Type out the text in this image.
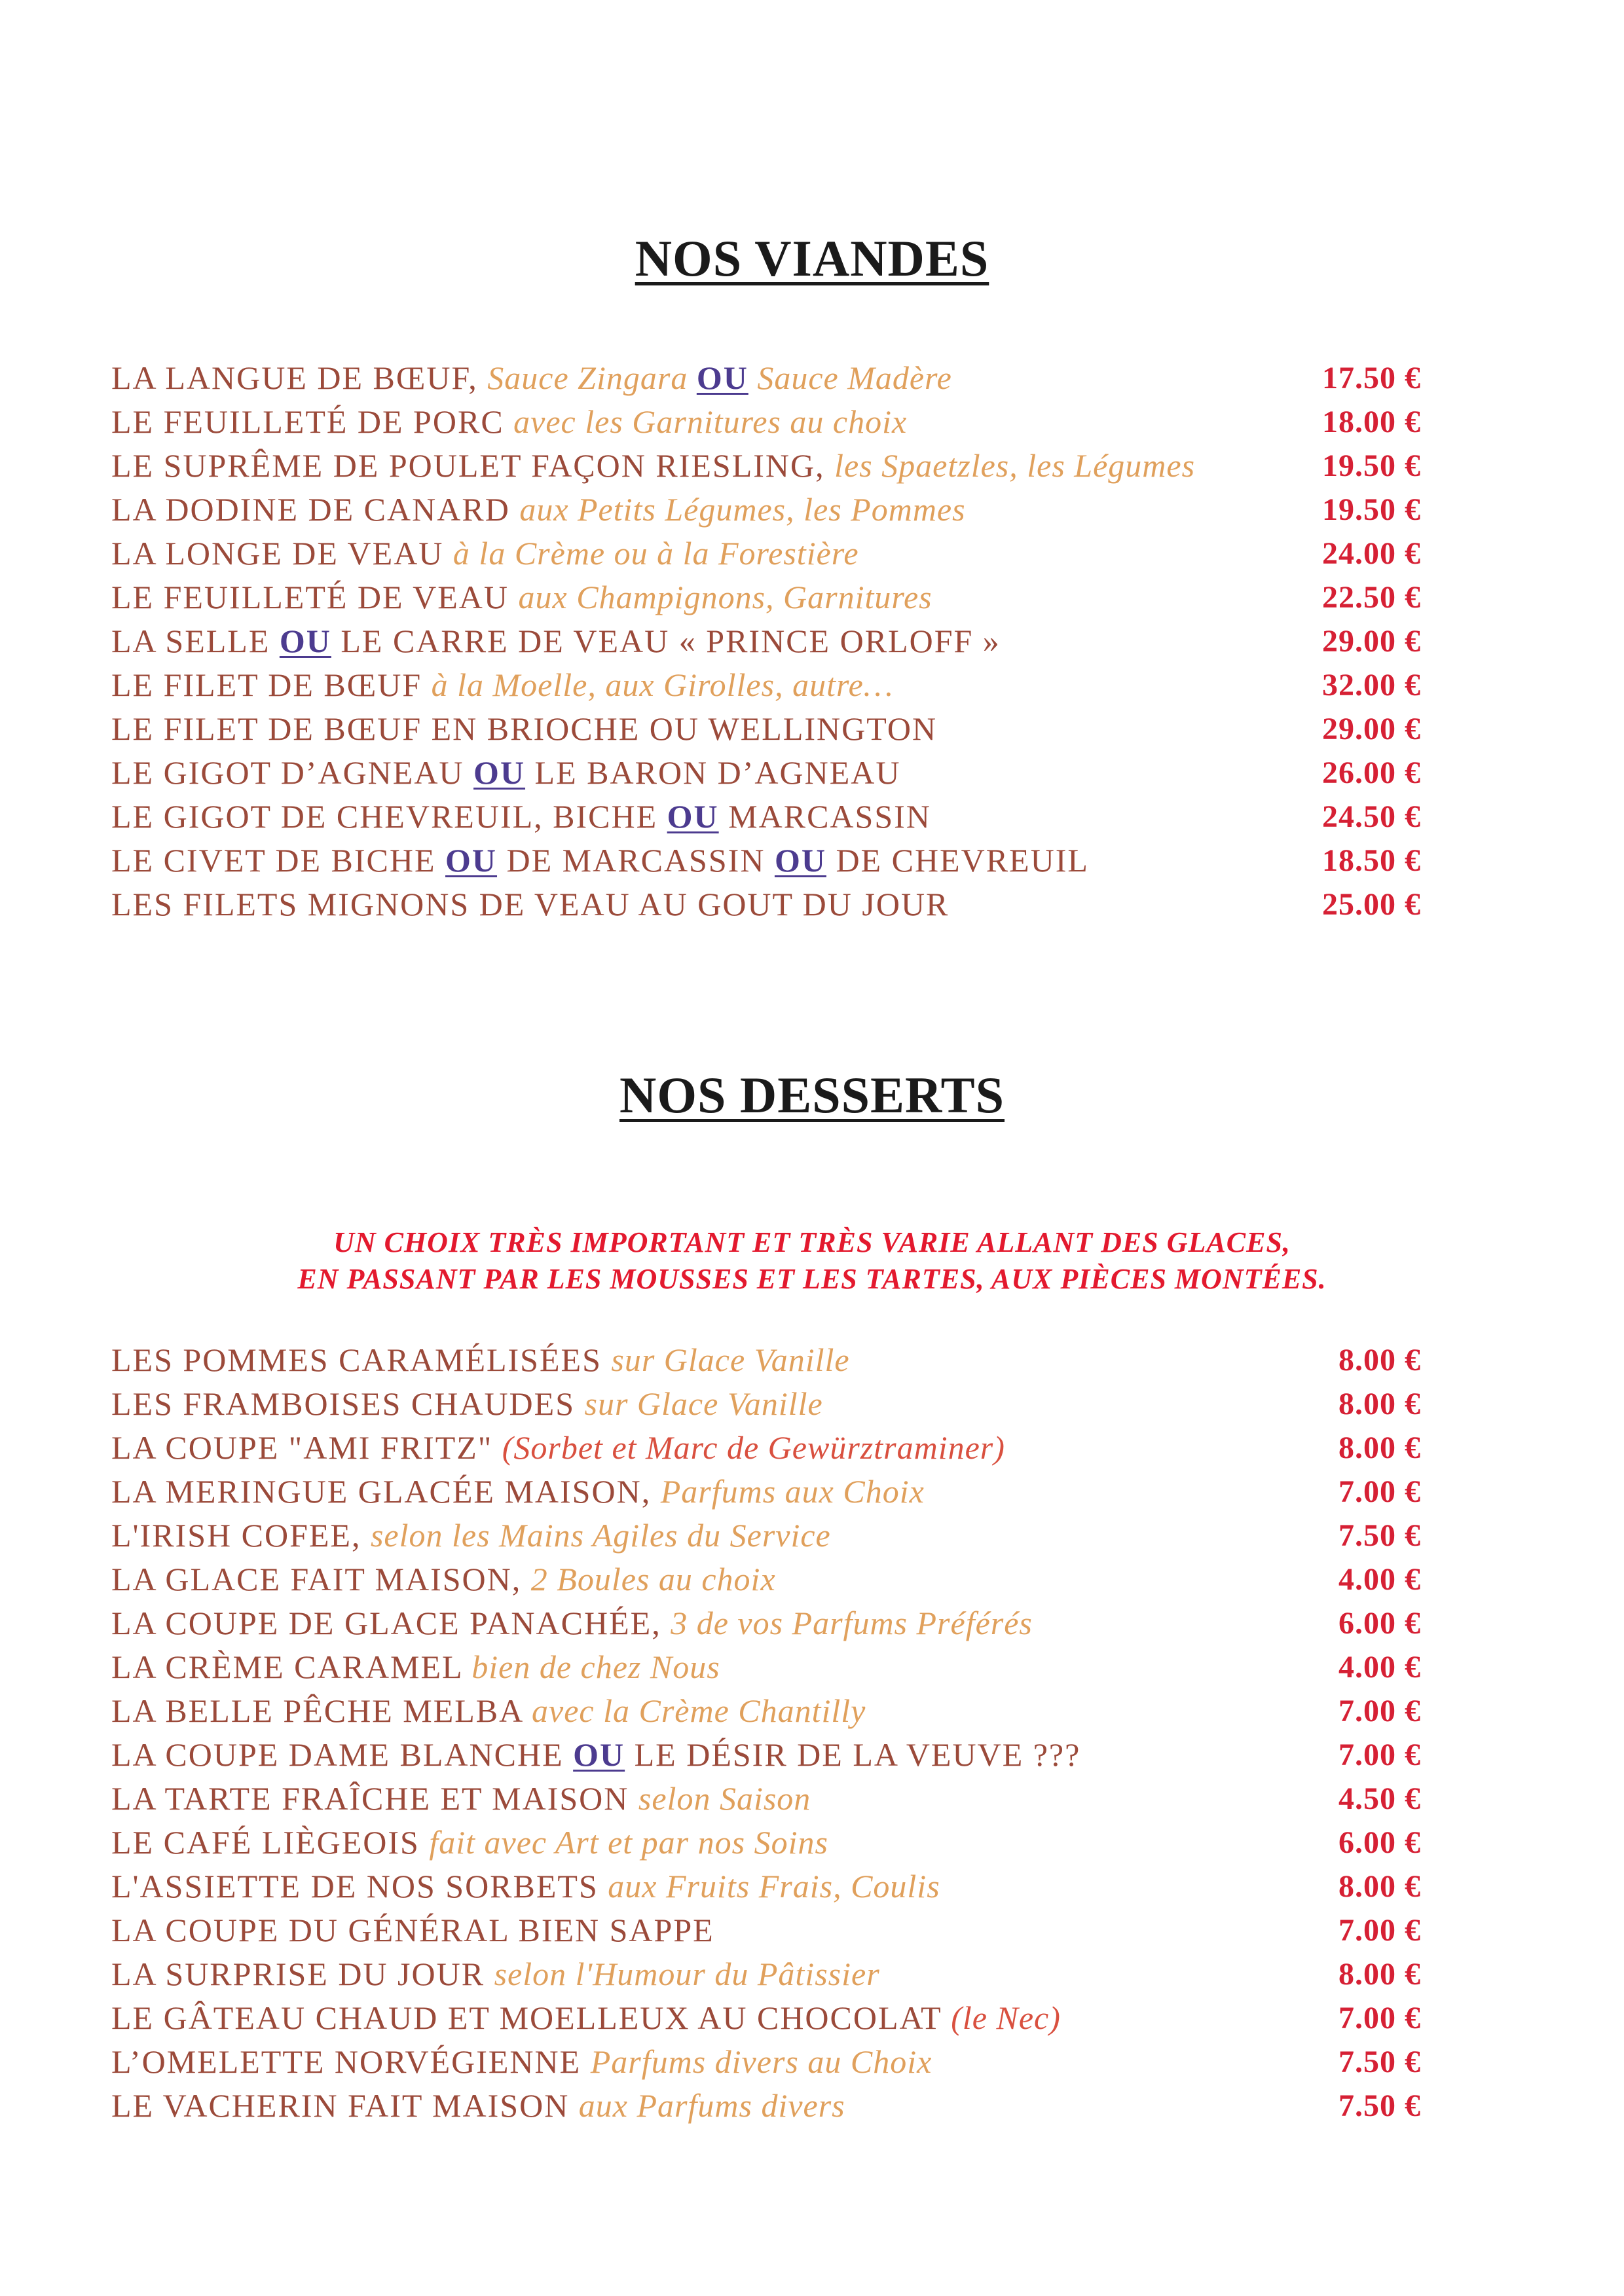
NOS VIANDES
LA LANGUE DE BŒUF, Sauce Zingara OU Sauce Madère	17.50 €
LE FEUILLETÉ DE PORC avec les Garnitures au choix	18.00 €
LE SUPRÊME DE POULET FAÇON RIESLING, les Spaetzles, les Légumes	19.50 €
LA DODINE DE CANARD aux Petits Légumes, les Pommes	19.50 €
LA LONGE DE VEAU à la Crème ou à la Forestière	24.00 €
LE FEUILLETÉ DE VEAU aux Champignons, Garnitures	22.50 €
LA SELLE OU LE CARRE DE VEAU « PRINCE ORLOFF »	29.00 €
LE FILET DE BŒUF à la Moelle, aux Girolles, autre…	32.00 €
LE FILET DE BŒUF EN BRIOCHE OU WELLINGTON	29.00 €
LE GIGOT D’AGNEAU OU LE BARON D’AGNEAU	26.00 €
LE GIGOT DE CHEVREUIL, BICHE OU MARCASSIN	24.50 €
LE CIVET DE BICHE OU DE MARCASSIN OU DE CHEVREUIL	18.50 €
LES FILETS MIGNONS DE VEAU AU GOUT DU JOUR	25.00 €
NOS DESSERTS
UN CHOIX TRÈS IMPORTANT ET TRÈS VARIE ALLANT DES GLACES,
EN PASSANT PAR LES MOUSSES ET LES TARTES, AUX PIÈCES MONTÉES.
LES POMMES CARAMÉLISÉES sur Glace Vanille	8.00 €
LES FRAMBOISES CHAUDES sur Glace Vanille	8.00 €
LA COUPE "AMI FRITZ" (Sorbet et Marc de Gewürztraminer)	8.00 €
LA MERINGUE GLACÉE MAISON, Parfums aux Choix	7.00 €
L'IRISH COFEE, selon les Mains Agiles du Service	7.50 €
LA GLACE FAIT MAISON, 2 Boules au choix	4.00 €
LA COUPE DE GLACE PANACHÉE, 3 de vos Parfums Préférés	6.00 €
LA CRÈME CARAMEL bien de chez Nous	4.00 €
LA BELLE PÊCHE MELBA avec la Crème Chantilly	7.00 €
LA COUPE DAME BLANCHE OU LE DÉSIR DE LA VEUVE ???	7.00 €
LA TARTE FRAÎCHE ET MAISON selon Saison	4.50 €
LE CAFÉ LIÈGEOIS fait avec Art et par nos Soins	6.00 €
L'ASSIETTE DE NOS SORBETS aux Fruits Frais, Coulis	8.00 €
LA COUPE DU GÉNÉRAL BIEN SAPPE	7.00 €
LA SURPRISE DU JOUR selon l'Humour du Pâtissier	8.00 €
LE GÂTEAU CHAUD ET MOELLEUX AU CHOCOLAT (le Nec)	7.00 €
L’OMELETTE NORVÉGIENNE Parfums divers au Choix	7.50 €
LE VACHERIN FAIT MAISON aux Parfums divers	7.50 €
